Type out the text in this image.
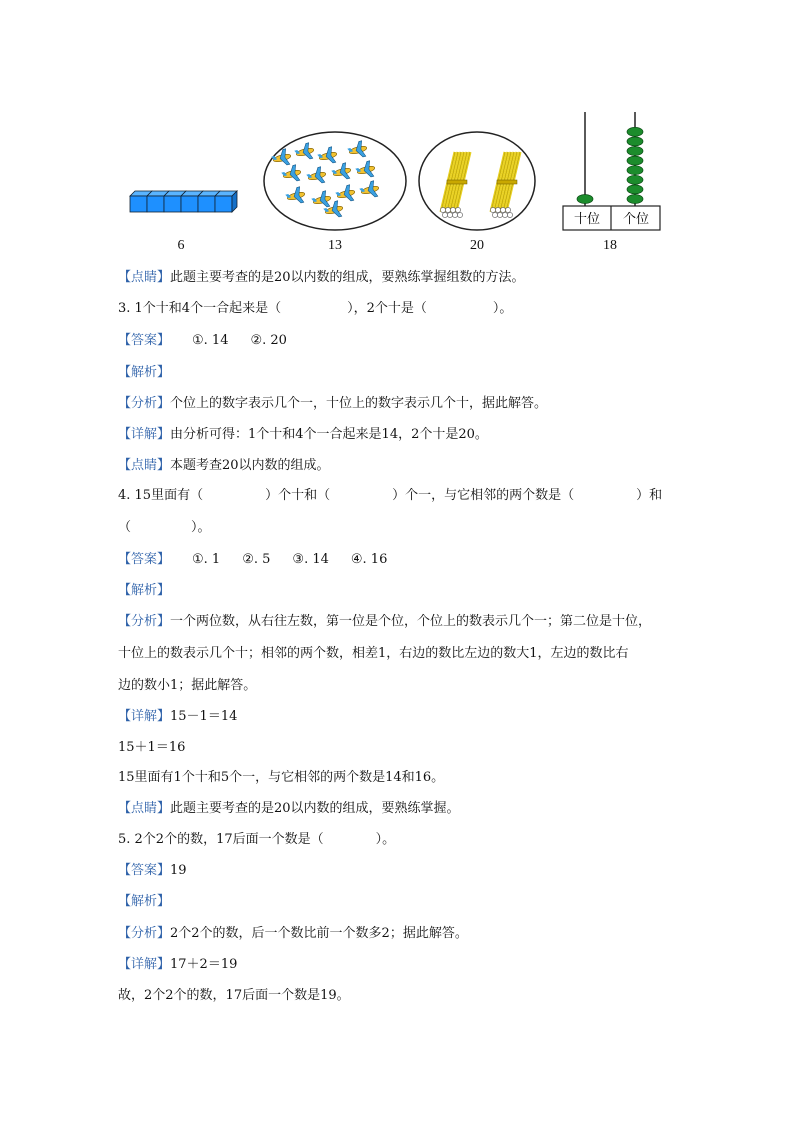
十位 个位
6	13	20	18
【点睛】此题主要考查的是20以内数的组成，要熟练掌握组数的方法。
3. 1个十和4个一合起来是（	），2个十是（	）。
【答案】 ①. 14 ②. 20
【解析】
【分析】个位上的数字表示几个一，十位上的数字表示几个十，据此解答。
【详解】由分析可得：1个十和4个一合起来是14，2个十是20。
【点睛】本题考查20以内数的组成。
4. 15里面有（	）个十和（	）个一，与它相邻的两个数是（	）和
（	）。
【答案】 ①. 1 ②. 5 ③. 14 ④. 16
【解析】
【分析】一个两位数，从右往左数，第一位是个位，个位上的数表示几个一；第二位是十位，
十位上的数表示几个十；相邻的两个数，相差1，右边的数比左边的数大1，左边的数比右
边的数小1；据此解答。
【详解】15－1＝14
15＋1＝16
15里面有1个十和5个一，与它相邻的两个数是14和16。
【点睛】此题主要考查的是20以内数的组成，要熟练掌握。
5. 2个2个的数，17后面一个数是（	）。
【答案】19
【解析】
【分析】2个2个的数，后一个数比前一个数多2；据此解答。
【详解】17＋2＝19
故，2个2个的数，17后面一个数是19。
